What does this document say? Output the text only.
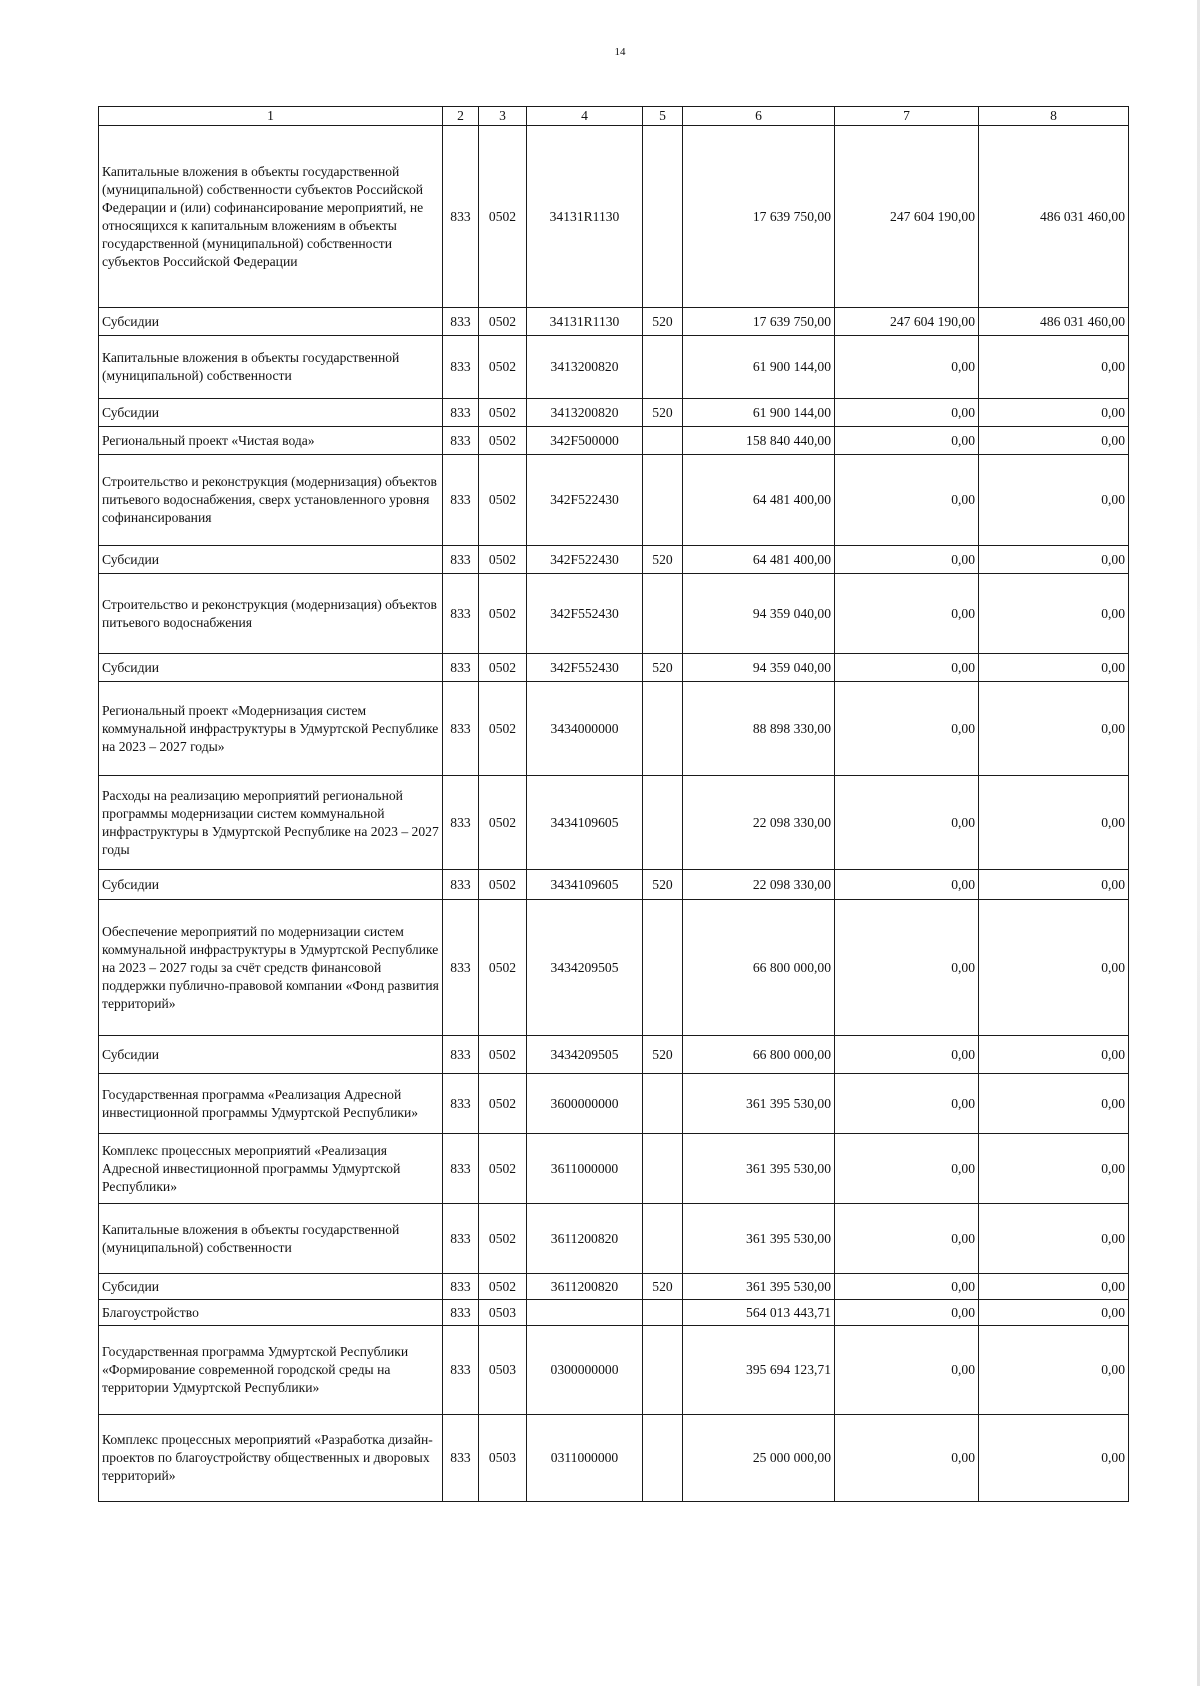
14
1	2	3	4	5	6	7	8
Капитальные вложения в объекты государственной (муниципальной) собственности субъектов Российской Федерации и (или) софинансирование мероприятий, не относящихся к капитальным вложениям в объекты государственной (муниципальной) собственности субъектов Российской Федерации	833	0502	34131R1130		17 639 750,00	247 604 190,00	486 031 460,00
Субсидии	833	0502	34131R1130	520	17 639 750,00	247 604 190,00	486 031 460,00
Капитальные вложения в объекты государственной (муниципальной) собственности	833	0502	3413200820		61 900 144,00	0,00	0,00
Субсидии	833	0502	3413200820	520	61 900 144,00	0,00	0,00
Региональный проект «Чистая вода»	833	0502	342F500000		158 840 440,00	0,00	0,00
Строительство и реконструкция (модернизация) объектов питьевого водоснабжения, сверх установленного уровня софинансирования	833	0502	342F522430		64 481 400,00	0,00	0,00
Субсидии	833	0502	342F522430	520	64 481 400,00	0,00	0,00
Строительство и реконструкция (модернизация) объектов питьевого водоснабжения	833	0502	342F552430		94 359 040,00	0,00	0,00
Субсидии	833	0502	342F552430	520	94 359 040,00	0,00	0,00
Региональный проект «Модернизация систем коммунальной инфраструктуры в Удмуртской Республике на 2023 – 2027 годы»	833	0502	3434000000		88 898 330,00	0,00	0,00
Расходы на реализацию мероприятий региональной программы модернизации систем коммунальной инфраструктуры в Удмуртской Республике на 2023 – 2027 годы	833	0502	3434109605		22 098 330,00	0,00	0,00
Субсидии	833	0502	3434109605	520	22 098 330,00	0,00	0,00
Обеспечение мероприятий по модернизации систем коммунальной инфраструктуры в Удмуртской Республике на 2023 – 2027 годы за счёт средств финансовой поддержки публично-правовой компании «Фонд развития территорий»	833	0502	3434209505		66 800 000,00	0,00	0,00
Субсидии	833	0502	3434209505	520	66 800 000,00	0,00	0,00
Государственная программа «Реализация Адресной инвестиционной программы Удмуртской Республики»	833	0502	3600000000		361 395 530,00	0,00	0,00
Комплекс процессных мероприятий «Реализация Адресной инвестиционной программы Удмуртской Республики»	833	0502	3611000000		361 395 530,00	0,00	0,00
Капитальные вложения в объекты государственной (муниципальной) собственности	833	0502	3611200820		361 395 530,00	0,00	0,00
Субсидии	833	0502	3611200820	520	361 395 530,00	0,00	0,00
Благоустройство	833	0503			564 013 443,71	0,00	0,00
Государственная программа Удмуртской Республики «Формирование современной городской среды на территории Удмуртской Республики»	833	0503	0300000000		395 694 123,71	0,00	0,00
Комплекс процессных мероприятий «Разработка дизайн-проектов по благоустройству общественных и дворовых территорий»	833	0503	0311000000		25 000 000,00	0,00	0,00
